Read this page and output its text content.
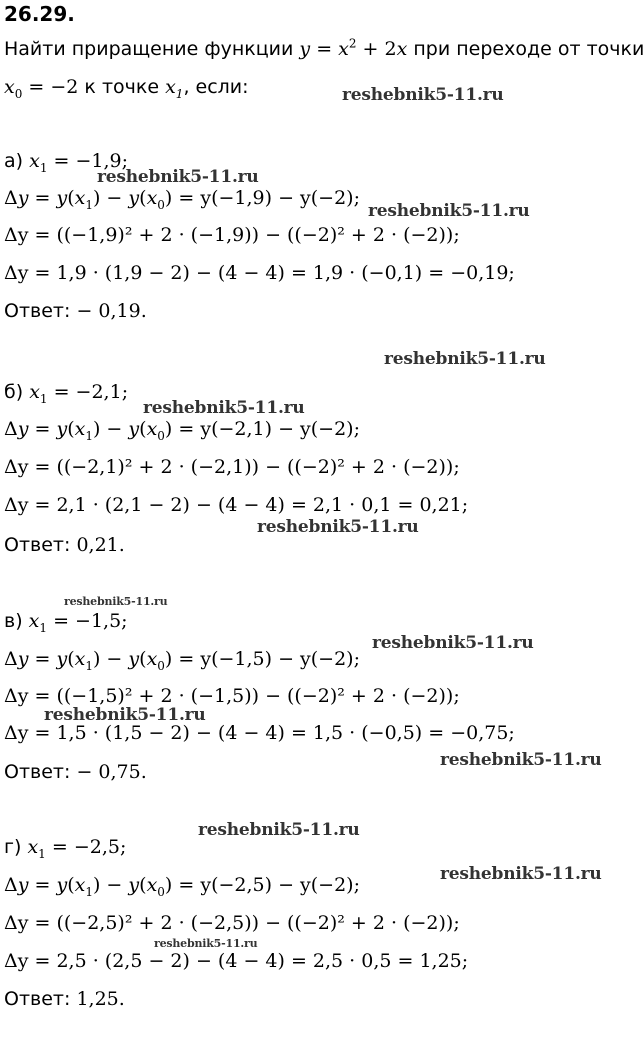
26.29.
Найти приращение функции $y = x^2 + 2x$ при переходе от точки
$x_0 = -2$ к точке $x_1$, если:
а) $x_1 = -1,9$;
$\Delta y = y(x_1) - y(x_0) = y(-1,9) - y(-2)$;
Δy = ((−1,9)² + 2 · (−1,9)) − ((−2)² + 2 · (−2));
Δy = 1,9 · (1,9 − 2) − (4 − 4) = 1,9 · (−0,1) = −0,19;
Ответ: − 0,19.
б) $x_1 = -2,1$;
$\Delta y = y(x_1) - y(x_0) = y(-2,1) - y(-2)$;
Δy = ((−2,1)² + 2 · (−2,1)) − ((−2)² + 2 · (−2));
Δy = 2,1 · (2,1 − 2) − (4 − 4) = 2,1 · 0,1 = 0,21;
Ответ: 0,21.
в) $x_1 = -1,5$;
$\Delta y = y(x_1) - y(x_0) = y(-1,5) - y(-2)$;
Δy = ((−1,5)² + 2 · (−1,5)) − ((−2)² + 2 · (−2));
Δy = 1,5 · (1,5 − 2) − (4 − 4) = 1,5 · (−0,5) = −0,75;
Ответ: − 0,75.
г) $x_1 = -2,5$;
$\Delta y = y(x_1) - y(x_0) = y(-2,5) - y(-2)$;
Δy = ((−2,5)² + 2 · (−2,5)) − ((−2)² + 2 · (−2));
Δy = 2,5 · (2,5 − 2) − (4 − 4) = 2,5 · 0,5 = 1,25;
Ответ: 1,25.
reshebnik5-11.ru
reshebnik5-11.ru
reshebnik5-11.ru
reshebnik5-11.ru
reshebnik5-11.ru
reshebnik5-11.ru
reshebnik5-11.ru
reshebnik5-11.ru
reshebnik5-11.ru
reshebnik5-11.ru
reshebnik5-11.ru
reshebnik5-11.ru
reshebnik5-11.ru
